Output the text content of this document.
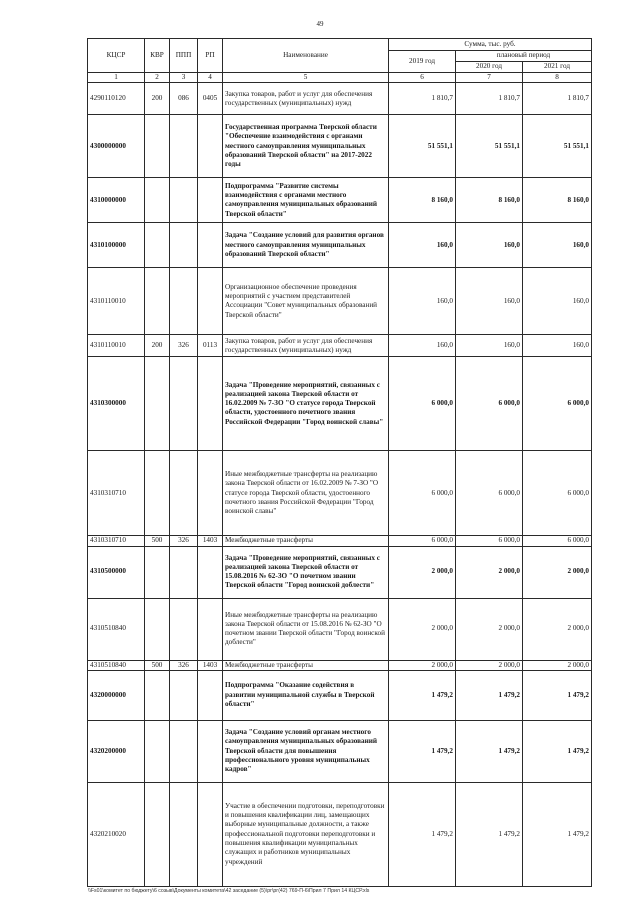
49
КЦСР	КВР	ППП	РП	Наименование	Сумма, тыс. руб.		
					2019 год	плановый период	
						2020 год	2021 год
1	2	3	4	5	6	7	8
4290110120	200	086	0405	Закупка товаров, работ и услуг для обеспечения государственных (муниципальных) нужд	1 810,7	1 810,7	1 810,7
4300000000				Государственная программа Тверской области "Обеспечение взаимодействия с органами местного самоуправления муниципальных образований Тверской области" на 2017-2022 годы	51 551,1	51 551,1	51 551,1
4310000000				Подпрограмма "Развитие системы взаимодействия с органами местного самоуправления муниципальных образований Тверской области"	8 160,0	8 160,0	8 160,0
4310100000				Задача "Создание условий для развития органов местного самоуправления муниципальных образований Тверской области"	160,0	160,0	160,0
4310110010				Организационное обеспечение проведения мероприятий с участием представителей Ассоциации "Совет муниципальных образований Тверской области"	160,0	160,0	160,0
4310110010	200	326	0113	Закупка товаров, работ и услуг для обеспечения государственных (муниципальных) нужд	160,0	160,0	160,0
4310300000				Задача "Проведение мероприятий, связанных с реализацией закона Тверской области от 16.02.2009 № 7-ЗО "О статусе города Тверской области, удостоенного почетного звания Российской Федерации "Город воинской славы"	6 000,0	6 000,0	6 000,0
4310310710				Иные межбюджетные трансферты на реализацию закона Тверской области от 16.02.2009 № 7-ЗО "О статусе города Тверской области, удостоенного почетного звания Российской Федерации "Город воинской славы"	6 000,0	6 000,0	6 000,0
4310310710	500	326	1403	Межбюджетные трансферты	6 000,0	6 000,0	6 000,0
4310500000				Задача "Проведение мероприятий, связанных с реализацией закона Тверской области от 15.08.2016 № 62-ЗО "О почетном звании Тверской области "Город воинской доблести"	2 000,0	2 000,0	2 000,0
4310510840				Иные межбюджетные трансферты на реализацию закона Тверской области от 15.08.2016 № 62-ЗО "О почетном звании Тверской области "Город воинской доблести"	2 000,0	2 000,0	2 000,0
4310510840	500	326	1403	Межбюджетные трансферты	2 000,0	2 000,0	2 000,0
4320000000				Подпрограмма "Оказание содействия в развитии муниципальной службы в Тверской области"	1 479,2	1 479,2	1 479,2
4320200000				Задача "Создание условий органам местного самоуправления муниципальных образований Тверской области для повышения профессионального уровня муниципальных кадров"	1 479,2	1 479,2	1 479,2
4320210020				Участие в обеспечении подготовки, переподготовки и повышения квалификации лиц, замещающих выборные муниципальные должности, а также профессиональной подготовки переподготовки и повышения квалификации муниципальных служащих и работников муниципальных учреждений	1 479,2	1 479,2	1 479,2
\\Fs01\комитет по бюджету\6 созыв\Документы комитета\42 заседание (5)\рг\рг(42) 769-П-6\Прил 7 Прил 14 КЦСР.xls
